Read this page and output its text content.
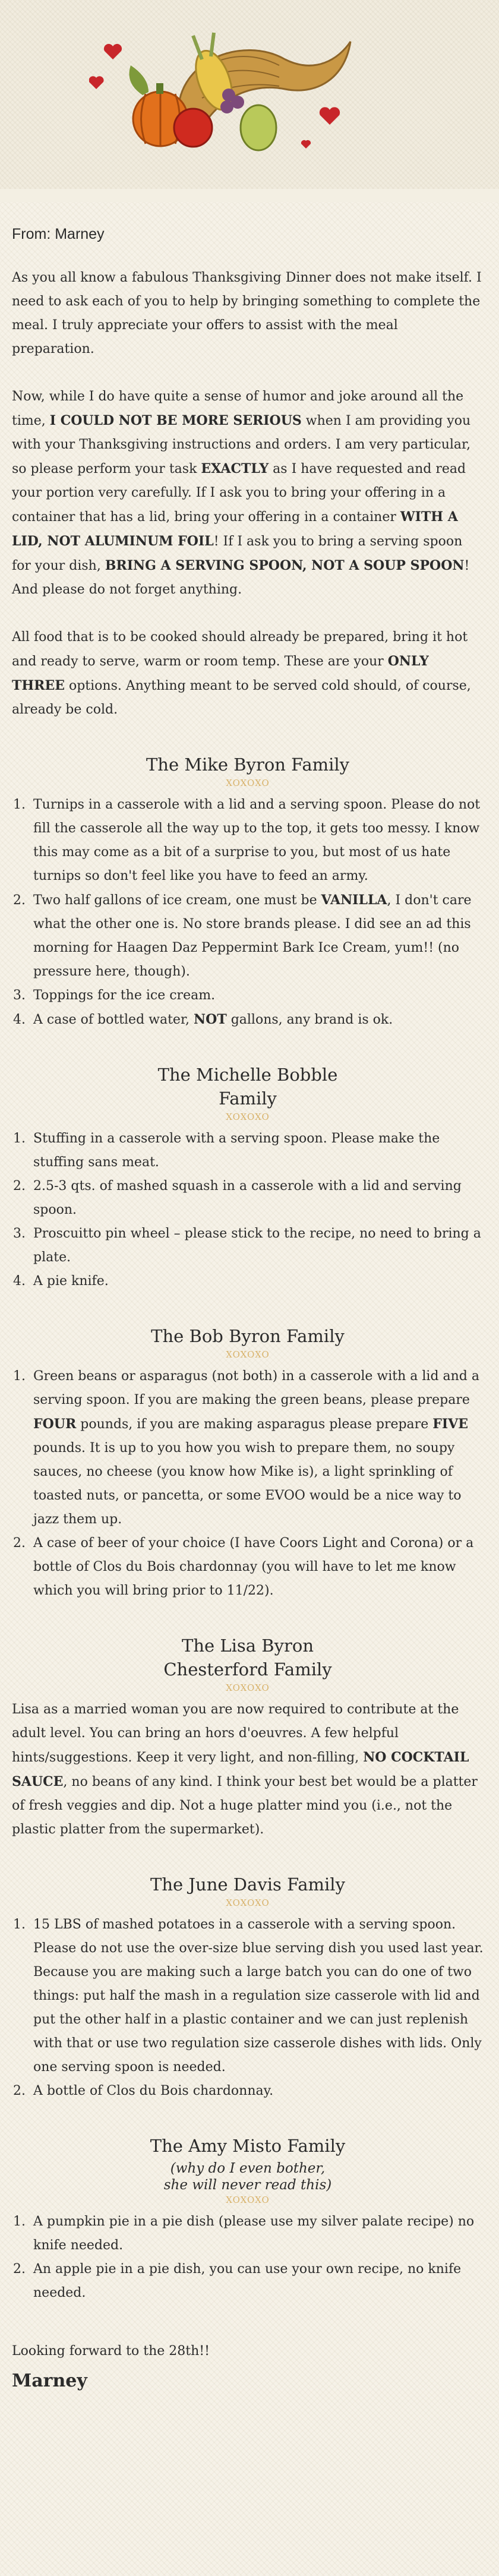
From: Marney

As you all know a fabulous Thanksgiving Dinner does not make itself. I need to ask each of you to help by bringing something to complete the meal. I truly appreciate your offers to assist with the meal preparation.

Now, while I do have quite a sense of humor and joke around all the time, I COULD NOT BE MORE SERIOUS when I am providing you with your Thanksgiving instructions and orders. I am very particular, so please perform your task EXACTLY as I have requested and read your portion very carefully. If I ask you to bring your offering in a container that has a lid, bring your offering in a container WITH A LID, NOT ALUMINUM FOIL! If I ask you to bring a serving spoon for your dish, BRING A SERVING SPOON, NOT A SOUP SPOON! And please do not forget anything.

All food that is to be cooked should already be prepared, bring it hot and ready to serve, warm or room temp. These are your ONLY THREE options. Anything meant to be served cold should, of course, already be cold.

The Mike Byron Family
XOXOXO
1. Turnips in a casserole with a lid and a serving spoon. Please do not fill the casserole all the way up to the top, it gets too messy. I know this may come as a bit of a surprise to you, but most of us hate turnips so don't feel like you have to feed an army.
2. Two half gallons of ice cream, one must be VANILLA, I don't care what the other one is. No store brands please. I did see an ad this morning for Haagen Daz Peppermint Bark Ice Cream, yum!! (no pressure here, though).
3. Toppings for the ice cream.
4. A case of bottled water, NOT gallons, any brand is ok.
The Michelle Bobble
Family
XOXOXO
1. Stuffing in a casserole with a serving spoon. Please make the stuffing sans meat.
2. 2.5-3 qts. of mashed squash in a casserole with a lid and serving spoon.
3. Proscuitto pin wheel – please stick to the recipe, no need to bring a plate.
4. A pie knife.
The Bob Byron Family
XOXOXO
1. Green beans or asparagus (not both) in a casserole with a lid and a serving spoon. If you are making the green beans, please prepare FOUR pounds, if you are making asparagus please prepare FIVE pounds. It is up to you how you wish to prepare them, no soupy sauces, no cheese (you know how Mike is), a light sprinkling of toasted nuts, or pancetta, or some EVOO would be a nice way to jazz them up.
2. A case of beer of your choice (I have Coors Light and Corona) or a bottle of Clos du Bois chardonnay (you will have to let me know which you will bring prior to 11/22).
The Lisa Byron
Chesterford Family
XOXOXO
Lisa as a married woman you are now required to contribute at the adult level. You can bring an hors d'oeuvres. A few helpful hints/suggestions. Keep it very light, and non-filling, NO COCKTAIL SAUCE, no beans of any kind. I think your best bet would be a platter of fresh veggies and dip. Not a huge platter mind you (i.e., not the plastic platter from the supermarket).
The June Davis Family
XOXOXO
1. 15 LBS of mashed potatoes in a casserole with a serving spoon. Please do not use the over-size blue serving dish you used last year. Because you are making such a large batch you can do one of two things: put half the mash in a regulation size casserole with lid and put the other half in a plastic container and we can just replenish with that or use two regulation size casserole dishes with lids. Only one serving spoon is needed.
2. A bottle of Clos du Bois chardonnay.
The Amy Misto Family
(why do I even bother,
she will never read this)
XOXOXO
1. A pumpkin pie in a pie dish (please use my silver palate recipe) no knife needed.
2. An apple pie in a pie dish, you can use your own recipe, no knife needed.
Looking forward to the 28th!!
Marney
